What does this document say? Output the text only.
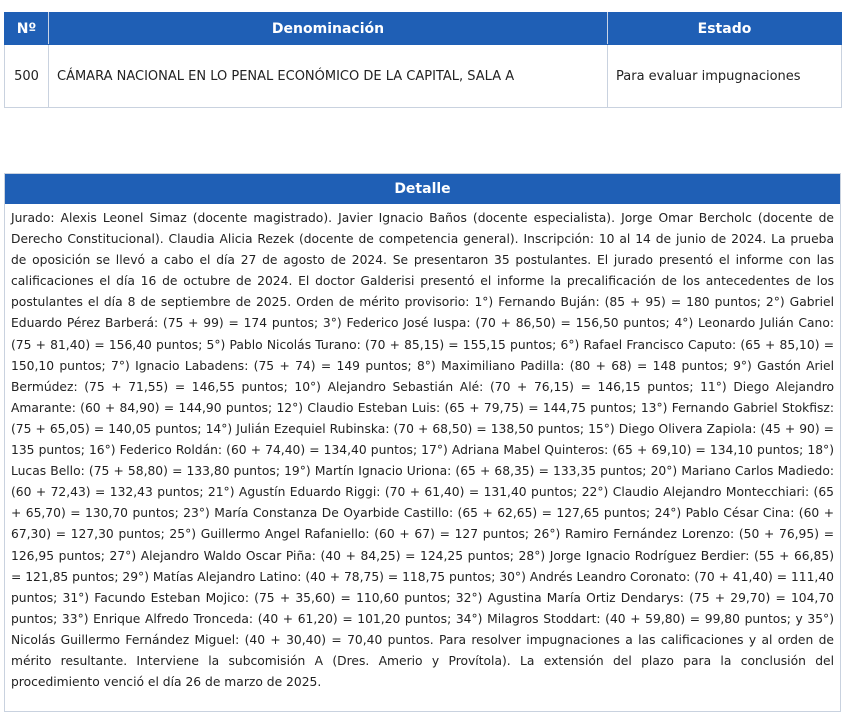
Nº	Denominación	Estado
500	CÁMARA NACIONAL EN LO PENAL ECONÓMICO DE LA CAPITAL, SALA A	Para evaluar impugnaciones
Detalle
Jurado: Alexis Leonel Simaz (docente magistrado). Javier Ignacio Baños (docente especialista). Jorge Omar Bercholc (docente de Derecho Constitucional). Claudia Alicia Rezek (docente de competencia general). Inscripción: 10 al 14 de junio de 2024. La prueba de oposición se llevó a cabo el día 27 de agosto de 2024. Se presentaron 35 postulantes. El jurado presentó el informe con las calificaciones el día 16 de octubre de 2024. El doctor Galderisi presentó el informe la precalificación de los antecedentes de los postulantes el día 8 de septiembre de 2025. Orden de mérito provisorio: 1°) Fernando Buján: (85 + 95) = 180 puntos; 2°) Gabriel Eduardo Pérez Barberá: (75 + 99) = 174 puntos; 3°) Federico José Iuspa: (70 + 86,50) = 156,50 puntos; 4°) Leonardo Julián Cano: (75 + 81,40) = 156,40 puntos; 5°) Pablo Nicolás Turano: (70 + 85,15) = 155,15 puntos; 6°) Rafael Francisco Caputo: (65 + 85,10) = 150,10 puntos; 7°) Ignacio Labadens: (75 + 74) = 149 puntos; 8°) Maximiliano Padilla: (80 + 68) = 148 puntos; 9°) Gastón Ariel Bermúdez: (75 + 71,55) = 146,55 puntos; 10°) Alejandro Sebastián Alé: (70 + 76,15) = 146,15 puntos; 11°) Diego Alejandro Amarante: (60 + 84,90) = 144,90 puntos; 12°) Claudio Esteban Luis: (65 + 79,75) = 144,75 puntos; 13°) Fernando Gabriel Stokfisz: (75 + 65,05) = 140,05 puntos; 14°) Julián Ezequiel Rubinska: (70 + 68,50) = 138,50 puntos; 15°) Diego Olivera Zapiola: (45 + 90) = 135 puntos; 16°) Federico Roldán: (60 + 74,40) = 134,40 puntos; 17°) Adriana Mabel Quinteros: (65 + 69,10) = 134,10 puntos; 18°) Lucas Bello: (75 + 58,80) = 133,80 puntos; 19°) Martín Ignacio Uriona: (65 + 68,35) = 133,35 puntos; 20°) Mariano Carlos Madiedo: (60 + 72,43) = 132,43 puntos; 21°) Agustín Eduardo Riggi: (70 + 61,40) = 131,40 puntos; 22°) Claudio Alejandro Montecchiari: (65 + 65,70) = 130,70 puntos; 23°) María Constanza De Oyarbide Castillo: (65 + 62,65) = 127,65 puntos; 24°) Pablo César Cina: (60 + 67,30) = 127,30 puntos; 25°) Guillermo Angel Rafaniello: (60 + 67) = 127 puntos; 26°) Ramiro Fernández Lorenzo: (50 + 76,95) = 126,95 puntos; 27°) Alejandro Waldo Oscar Piña: (40 + 84,25) = 124,25 puntos; 28°) Jorge Ignacio Rodríguez Berdier: (55 + 66,85) = 121,85 puntos; 29°) Matías Alejandro Latino: (40 + 78,75) = 118,75 puntos; 30°) Andrés Leandro Coronato: (70 + 41,40) = 111,40 puntos; 31°) Facundo Esteban Mojico: (75 + 35,60) = 110,60 puntos; 32°) Agustina María Ortiz Dendarys: (75 + 29,70) = 104,70 puntos; 33°) Enrique Alfredo Tronceda: (40 + 61,20) = 101,20 puntos; 34°) Milagros Stoddart: (40 + 59,80) = 99,80 puntos; y 35°) Nicolás Guillermo Fernández Miguel: (40 + 30,40) = 70,40 puntos. Para resolver impugnaciones a las calificaciones y al orden de mérito resultante. Interviene la subcomisión A (Dres. Amerio y Provítola). La extensión del plazo para la conclusión del procedimiento venció el día 26 de marzo de 2025.
